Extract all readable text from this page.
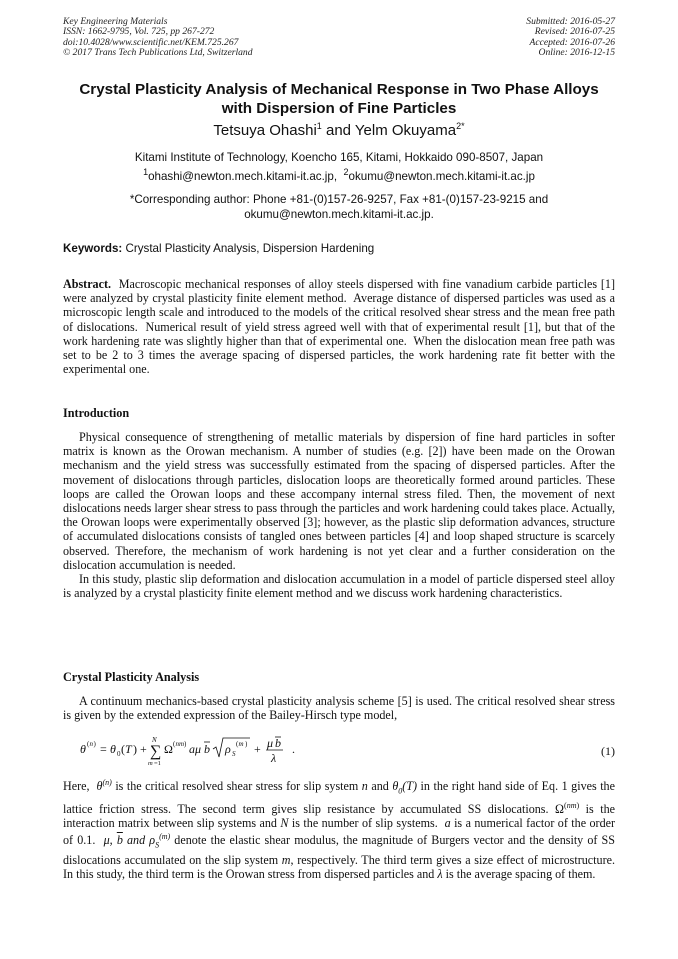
Key Engineering Materials
ISSN: 1662-9795, Vol. 725, pp 267-272
doi:10.4028/www.scientific.net/KEM.725.267
© 2017 Trans Tech Publications Ltd, Switzerland
Submitted: 2016-05-27
Revised: 2016-07-25
Accepted: 2016-07-26
Online: 2016-12-15
Crystal Plasticity Analysis of Mechanical Response in Two Phase Alloys
with Dispersion of Fine Particles
Tetsuya Ohashi$^1$ and Yelm Okuyama$^{2*}$
Kitami Institute of Technology, Koencho 165, Kitami, Hokkaido 090-8507, Japan
$^1$ohashi@newton.mech.kitami-it.ac.jp, $^2$okumu@newton.mech.kitami-it.ac.jp
*Corresponding author: Phone +81-(0)157-26-9257, Fax +81-(0)157-23-9215 and
okumu@newton.mech.kitami-it.ac.jp.
Keywords: Crystal Plasticity Analysis, Dispersion Hardening
Abstract.  Macroscopic mechanical responses of alloy steels dispersed with fine vanadium carbide particles [1] were analyzed by crystal plasticity finite element method.  Average distance of dispersed particles was used as a microscopic length scale and introduced to the models of the critical resolved shear stress and the mean free path of dislocations.  Numerical result of yield stress agreed well with that of experimental result [1], but that of the work hardening rate was slightly higher than that of experimental one.  When the dislocation mean free path was set to be 2 to 3 times the average spacing of dispersed particles, the work hardening rate fit better with the experimental one.
Introduction
Physical consequence of strengthening of metallic materials by dispersion of fine hard particles in softer matrix is known as the Orowan mechanism. A number of studies (e.g. [2]) have been made on the Orowan mechanism and the yield stress was successfully estimated from the spacing of dispersed particles. After the movement of dislocations through particles, dislocation loops are theoretically formed around particles. These loops are called the Orowan loops and these accompany internal stress filed. Then, the movement of next dislocations needs larger shear stress to pass through the particles and work hardening could takes place. Actually, the Orowan loops were experimentally observed [3]; however, as the plastic slip deformation advances, structure of accumulated dislocations consists of tangled ones between particles [4] and loop shaped structure is scarcely observed. Therefore, the mechanism of work hardening is not yet clear and a further consideration on the dislocation accumulation is needed.
In this study, plastic slip deformation and dislocation accumulation in a model of particle dispersed steel alloy is analyzed by a crystal plasticity finite element method and we discuss work hardening characteristics.
Crystal Plasticity Analysis
A continuum mechanics-based crystal plasticity analysis scheme [5] is used. The critical resolved shear stress is given by the extended expression of the Bailey-Hirsch type model,
θ ( n ) = θ 0 ( T ) +
N
∑
m =1
Ω ( nm ) aμ b ρ S
( m ) + μ b
λ
.	(1)
Here,  $\theta^{(n)}$ is the critical resolved shear stress for slip system n and $\theta_0(T)$ in the right hand side of Eq. 1 gives the lattice friction stress. The second term gives slip resistance by accumulated SS dislocations. $\Omega^{(nm)}$ is the interaction matrix between slip systems and N is the number of slip systems.  a is a numerical factor of the order of 0.1.  μ, $\overline{b}$ and $\rho_S^{(m)}$ denote the elastic shear modulus, the magnitude of Burgers vector and the density of SS dislocations accumulated on the slip system m, respectively. The third term gives a size effect of microstructure. In this study, the third term is the Orowan stress from dispersed particles and λ is the average spacing of them.
